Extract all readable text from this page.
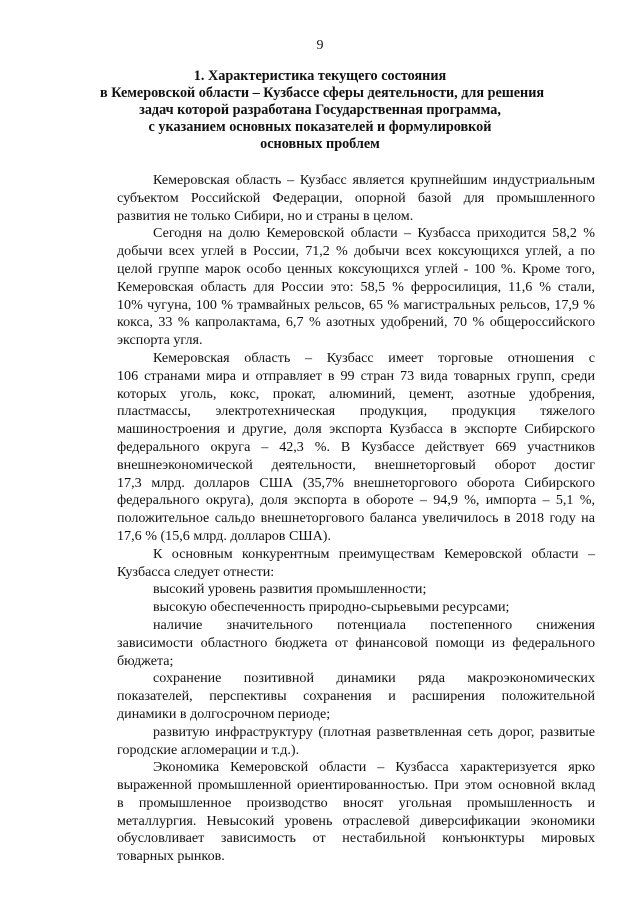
9
1. Характеристика текущего состояния
в Кемеровской области – Кузбассе сферы деятельности, для решения
задач которой разработана Государственная программа,
с указанием основных показателей и формулировкой
основных проблем
Кемеровская область – Кузбасс является крупнейшим индустриальным
субъектом Российской Федерации, опорной базой для промышленного
развития не только Сибири, но и страны в целом.
Сегодня на долю Кемеровской области – Кузбасса приходится 58,2 %
добычи всех углей в России, 71,2 % добычи всех коксующихся углей, а по
целой группе марок особо ценных коксующихся углей - 100 %. Кроме того,
Кемеровская область для России это: 58,5 % ферросилиция, 11,6 % стали,
10% чугуна, 100 % трамвайных рельсов, 65 % магистральных рельсов, 17,9 %
кокса, 33 % капролактама, 6,7 % азотных удобрений, 70 % общероссийского
экспорта угля.
Кемеровская область – Кузбасс имеет торговые отношения с
106 странами мира и отправляет в 99 стран 73 вида товарных групп, среди
которых уголь, кокс, прокат, алюминий, цемент, азотные удобрения,
пластмассы, электротехническая продукция, продукция тяжелого
машиностроения и другие, доля экспорта Кузбасса в экспорте Сибирского
федерального округа – 42,3 %. В Кузбассе действует 669 участников
внешнеэкономической деятельности, внешнеторговый оборот достиг
17,3 млрд. долларов США (35,7% внешнеторгового оборота Сибирского
федерального округа), доля экспорта в обороте – 94,9 %, импорта – 5,1 %,
положительное сальдо внешнеторгового баланса увеличилось в 2018 году на
17,6 % (15,6 млрд. долларов США).
К основным конкурентным преимуществам Кемеровской области –
Кузбасса следует отнести:
высокий уровень развития промышленности;
высокую обеспеченность природно-сырьевыми ресурсами;
наличие значительного потенциала постепенного снижения
зависимости областного бюджета от финансовой помощи из федерального
бюджета;
сохранение позитивной динамики ряда макроэкономических
показателей, перспективы сохранения и расширения положительной
динамики в долгосрочном периоде;
развитую инфраструктуру (плотная разветвленная сеть дорог, развитые
городские агломерации и т.д.).
Экономика Кемеровской области – Кузбасса характеризуется ярко
выраженной промышленной ориентированностью. При этом основной вклад
в промышленное производство вносят угольная промышленность и
металлургия. Невысокий уровень отраслевой диверсификации экономики
обусловливает зависимость от нестабильной конъюнктуры мировых
товарных рынков.
